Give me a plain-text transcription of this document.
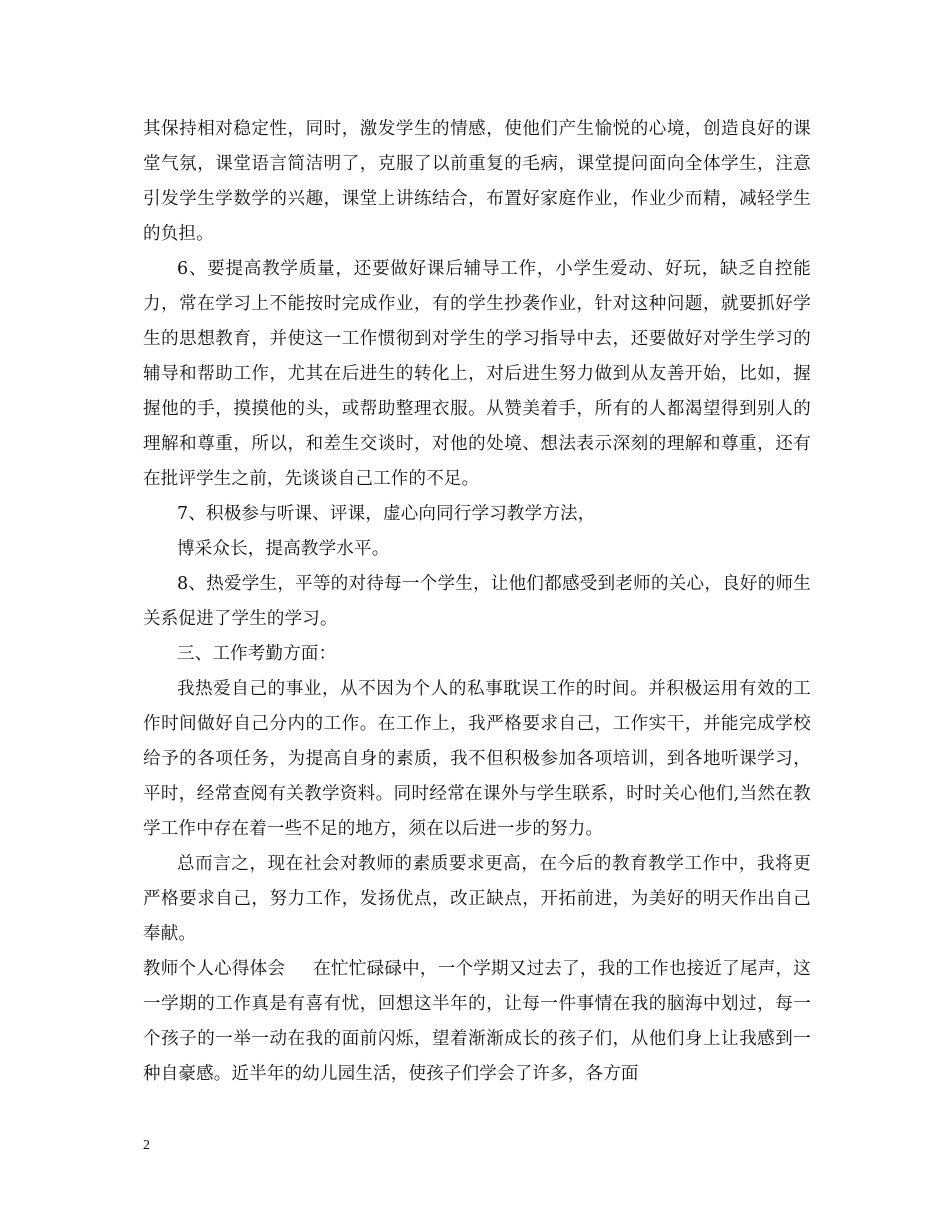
其保持相对稳定性，同时，激发学生的情感，使他们产生愉悦的心境，创造良好的课堂气氛，课堂语言简洁明了，克服了以前重复的毛病，课堂提问面向全体学生，注意引发学生学数学的兴趣，课堂上讲练结合，布置好家庭作业，作业少而精，减轻学生的负担。

6、要提高教学质量，还要做好课后辅导工作，小学生爱动、好玩，缺乏自控能力，常在学习上不能按时完成作业，有的学生抄袭作业，针对这种问题，就要抓好学生的思想教育，并使这一工作惯彻到对学生的学习指导中去，还要做好对学生学习的辅导和帮助工作，尤其在后进生的转化上，对后进生努力做到从友善开始，比如，握握他的手，摸摸他的头，或帮助整理衣服。从赞美着手，所有的人都渴望得到别人的理解和尊重，所以，和差生交谈时，对他的处境、想法表示深刻的理解和尊重，还有在批评学生之前，先谈谈自己工作的不足。

7、积极参与听课、评课，虚心向同行学习教学方法，

博采众长，提高教学水平。

8、热爱学生，平等的对待每一个学生，让他们都感受到老师的关心，良好的师生关系促进了学生的学习。

三、工作考勤方面：

我热爱自己的事业，从不因为个人的私事耽误工作的时间。并积极运用有效的工作时间做好自己分内的工作。在工作上，我严格要求自己，工作实干，并能完成学校给予的各项任务，为提高自身的素质，我不但积极参加各项培训，到各地听课学习，平时，经常查阅有关教学资料。同时经常在课外与学生联系，时时关心他们,当然在教学工作中存在着一些不足的地方，须在以后进一步的努力。

总而言之，现在社会对教师的素质要求更高，在今后的教育教学工作中，我将更严格要求自己，努力工作，发扬优点，改正缺点，开拓前进，为美好的明天作出自己奉献。

教师个人心得体会 在忙忙碌碌中，一个学期又过去了，我的工作也接近了尾声，这一学期的工作真是有喜有忧，回想这半年的，让每一件事情在我的脑海中划过，每一个孩子的一举一动在我的面前闪烁，望着渐渐成长的孩子们，从他们身上让我感到一种自豪感。近半年的幼儿园生活，使孩子们学会了许多，各方面

2
